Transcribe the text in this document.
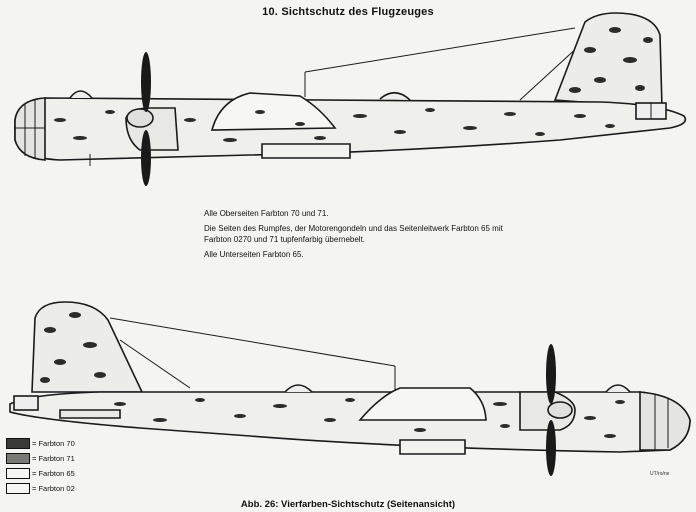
10. Sichtschutz des Flugzeuges

Alle Oberseiten Farbton 70 und 71.

Die Seiten des Rumpfes, der Motorengondeln und das Seitenleitwerk Farbton 65 mit Farbton 0270 und 71 tupfenfarbig übernebelt.

Alle Unterseiten Farbton 65.

= Farbton 70
= Farbton 71
= Farbton 65
= Farbton 02
UT/ro/ne
Abb. 26: Vierfarben-Sichtschutz (Seitenansicht)
